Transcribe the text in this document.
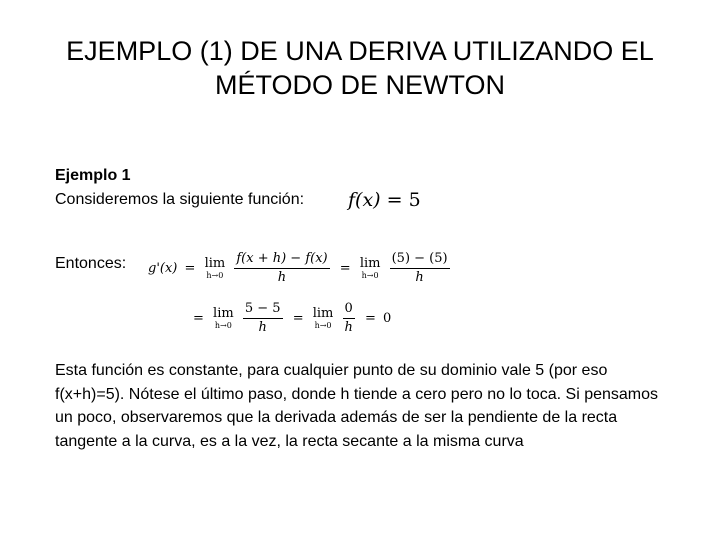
EJEMPLO (1) DE UNA DERIVA UTILIZANDO EL
MÉTODO DE NEWTON
Ejemplo 1
Consideremos la siguiente función: f(x) = 5
Entonces: g'(x) = lim
h→0
$\frac{f(x + h) - f(x)}{h} = \lim$
h→0
$\frac{(5) - (5)}{h}$
= lim
h→0
$\frac{5 - 5}{h} = \lim$
h→0
$\frac{0}{h} = 0$
Esta función es constante, para cualquier punto de su dominio vale 5 (por eso f(x+h)=5). Nótese el último paso, donde h tiende a cero pero no lo toca. Si pensamos un poco, observaremos que la derivada además de ser la pendiente de la recta tangente a la curva, es a la vez, la recta secante a la misma curva
